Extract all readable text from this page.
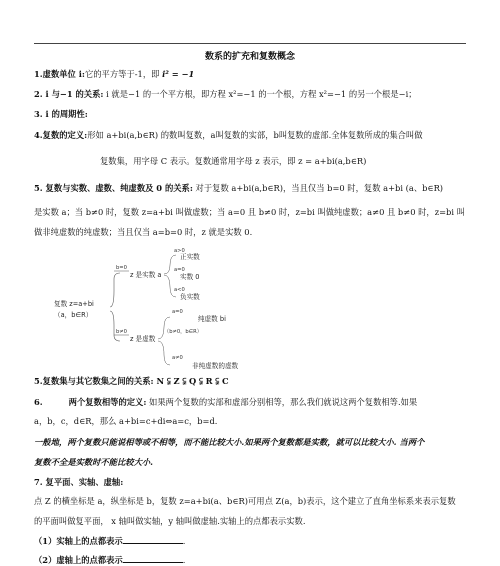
数系的扩充和复数概念
1.虚数单位 i:它的平方等于-1，即 i² = −1
2. i 与−1 的关系: i 就是−1 的一个平方根，即方程 x²=−1 的一个根，方程 x²=−1 的另一个根是−i；
3. i 的周期性:
4.复数的定义:形如 a+bi(a,b∈R) 的数叫复数，a叫复数的实部，b叫复数的虚部.全体复数所成的集合叫做
复数集，用字母 C 表示。复数通常用字母 z 表示，即 z = a+bi(a,b∈R)
5. 复数与实数、虚数、纯虚数及 0 的关系: 对于复数 a+bi(a,b∈R)，当且仅当 b=0 时，复数 a+bi (a、b∈R)
是实数 a；当 b≠0 时，复数 z=a+bi 叫做虚数；当 a=0 且 b≠0 时，z=bi 叫做纯虚数；a≠0 且 b≠0 时，z=bi 叫
做非纯虚数的纯虚数；当且仅当 a=b=0 时，z 就是实数 0.
复数 z=a+bi
（a，b∈R）
b=0
z 是实数 a
b≠0
z 是虚数
a>0
正实数
a=0
实数 0
a<0
负实数
a=0
纯虚数 bi
（b≠0，b∈R）
a≠0
非纯虚数的虚数
5.复数集与其它数集之间的关系: N ⫋ Z ⫋ Q ⫋ R ⫋ C
6.	两个复数相等的定义: 如果两个复数的实部和虚部分别相等，那么我们就说这两个复数相等.如果
a，b，c，d∈R，那么 a+bi=c+di⇔a=c，b=d.
一般地，两个复数只能说相等或不相等，而不能比较大小.如果两个复数都是实数，就可以比较大小. 当两个
复数不全是实数时不能比较大小.
7. 复平面、实轴、虚轴:
点 Z 的横坐标是 a，纵坐标是 b，复数 z=a+bi(a、b∈R)可用点 Z(a，b)表示，这个建立了直角坐标系来表示复数
的平面叫做复平面， x 轴叫做实轴，y 轴叫做虚轴.实轴上的点都表示实数.
（1）实轴上的点都表示	.
（2）虚轴上的点都表示	.
